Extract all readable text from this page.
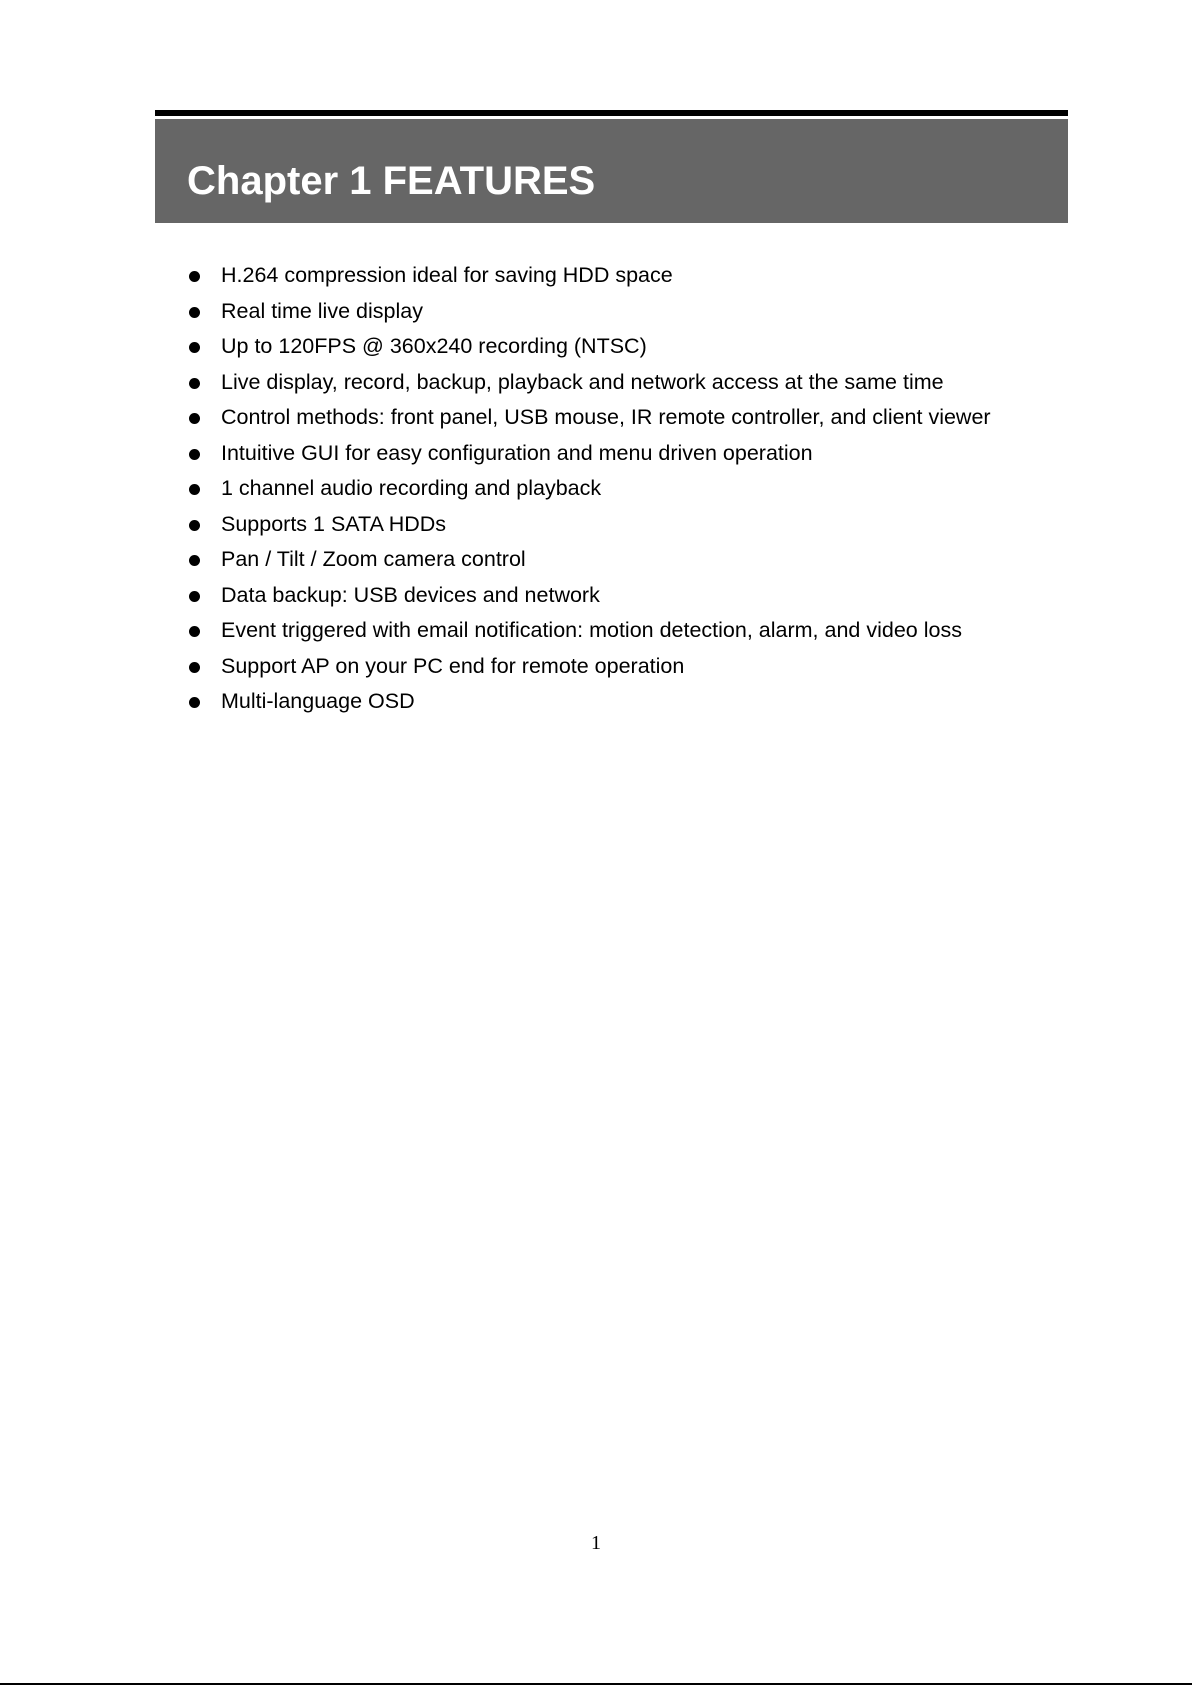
Chapter 1 FEATURES
H.264 compression ideal for saving HDD space
Real time live display
Up to 120FPS @ 360x240 recording (NTSC)
Live display, record, backup, playback and network access at the same time
Control methods: front panel, USB mouse, IR remote controller, and client viewer
Intuitive GUI for easy configuration and menu driven operation
1 channel audio recording and playback
Supports 1 SATA HDDs
Pan / Tilt / Zoom camera control
Data backup: USB devices and network
Event triggered with email notification: motion detection, alarm, and video loss
Support AP on your PC end for remote operation
Multi-language OSD
1
